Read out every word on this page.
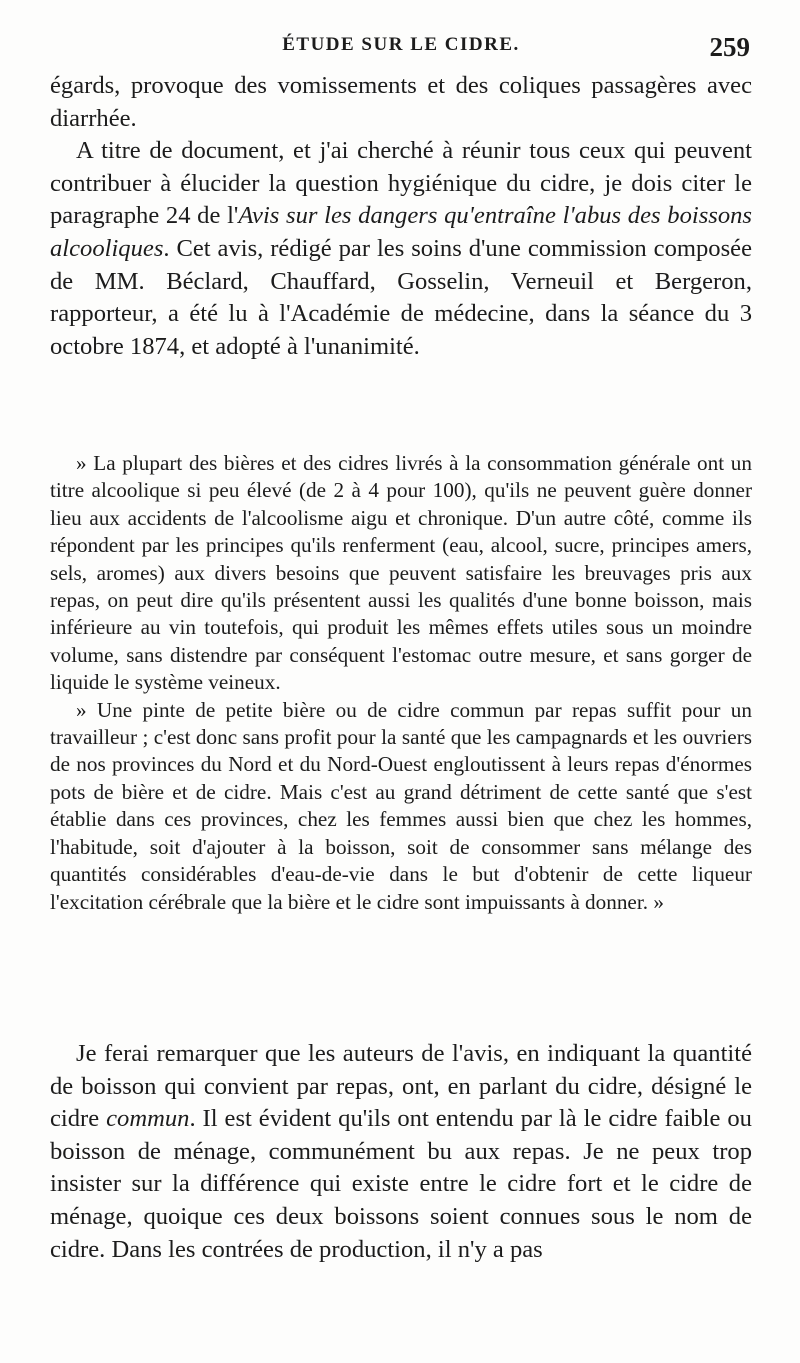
ÉTUDE SUR LE CIDRE.	259

égards, provoque des vomissements et des coliques passagères avec diarrhée.

A titre de document, et j'ai cherché à réunir tous ceux qui peuvent contribuer à élucider la question hygiénique du cidre, je dois citer le paragraphe 24 de l'Avis sur les dangers qu'entraîne l'abus des boissons alcooliques. Cet avis, rédigé par les soins d'une commission composée de MM. Béclard, Chauffard, Gosselin, Verneuil et Bergeron, rapporteur, a été lu à l'Académie de médecine, dans la séance du 3 octobre 1874, et adopté à l'unanimité.

» La plupart des bières et des cidres livrés à la consommation générale ont un titre alcoolique si peu élevé (de 2 à 4 pour 100), qu'ils ne peuvent guère donner lieu aux accidents de l'alcoolisme aigu et chronique. D'un autre côté, comme ils répondent par les principes qu'ils renferment (eau, alcool, sucre, principes amers, sels, aromes) aux divers besoins que peuvent satisfaire les breuvages pris aux repas, on peut dire qu'ils présentent aussi les qualités d'une bonne boisson, mais inférieure au vin toutefois, qui produit les mêmes effets utiles sous un moindre volume, sans distendre par conséquent l'estomac outre mesure, et sans gorger de liquide le système veineux.

» Une pinte de petite bière ou de cidre commun par repas suffit pour un travailleur ; c'est donc sans profit pour la santé que les campagnards et les ouvriers de nos provinces du Nord et du Nord-Ouest engloutissent à leurs repas d'énormes pots de bière et de cidre. Mais c'est au grand détriment de cette santé que s'est établie dans ces provinces, chez les femmes aussi bien que chez les hommes, l'habitude, soit d'ajouter à la boisson, soit de consommer sans mélange des quantités considérables d'eau-de-vie dans le but d'obtenir de cette liqueur l'excitation cérébrale que la bière et le cidre sont impuissants à donner. »

Je ferai remarquer que les auteurs de l'avis, en indiquant la quantité de boisson qui convient par repas, ont, en parlant du cidre, désigné le cidre commun. Il est évident qu'ils ont entendu par là le cidre faible ou boisson de ménage, communément bu aux repas. Je ne peux trop insister sur la différence qui existe entre le cidre fort et le cidre de ménage, quoique ces deux boissons soient connues sous le nom de cidre. Dans les contrées de production, il n'y a pas
